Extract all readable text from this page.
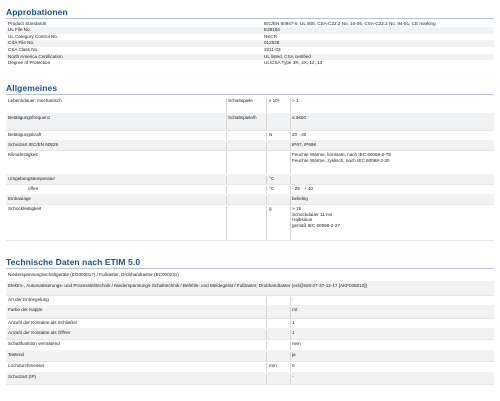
Approbationen
Product Standards	IEC/EN 60947-5, UL 508, CSA-C22.2 No. 14-05, CSA-C22.2 No. 94-91, CE marking
UL File No.	E29184
UL Category Control No.	NKCR
CSA File No.	012528
CSA Class No.	3211-03
North America Certification	UL listed, CSA certified
Degree of Protection	UL/CSA Type 3R, 4X, 12, 13
Allgemeines
Lebensdauer, mechanisch	Schaltspiele	x 10⁶	> 1
Betätigungsfrequenz	Schaltspiele/h	≤ 3600
Betätigungskraft	N	20 - 40
Schutzart IEC/EN 60529	IP67, IP69K
Klimafestigkeit	Feuchte Wärme, konstant, nach IEC 60068-2-78
Feuchte Wärme, zyklisch, nach IEC 60068-2-30
Umgebungstemperatur	°C
offen	°C	- 25 - + 40
Einbaulage	beliebig
Schockfestigkeit	g	> 15
Schockdauer 11 ms
Halbsinus
gemäß IEC 60068-2-27
Technische Daten nach ETIM 5.0
Niederspannungsschaltgeräte (EG000017) / Fußtaster, Drobhandtaster (EC000231)
Elektro-, Automatisierungs- und Prozessleittechnik / Niederspannungs-Schalttechnik / Befehls- und Meldegerät / Fußtaster, Drobhandtaster (ecl@ss8-27-37-12-17 [AKF035010])
Art der Entriegelung	-
Farbe der Kappe	rot
Anzahl der Kontakte als Schließer	1
Anzahl der Kontakte als Öffner	1
Schaltfunktion verrastend	nein
Tastend	ja
Lochdurchmesser	mm	0
Schutzart (IP)	-
